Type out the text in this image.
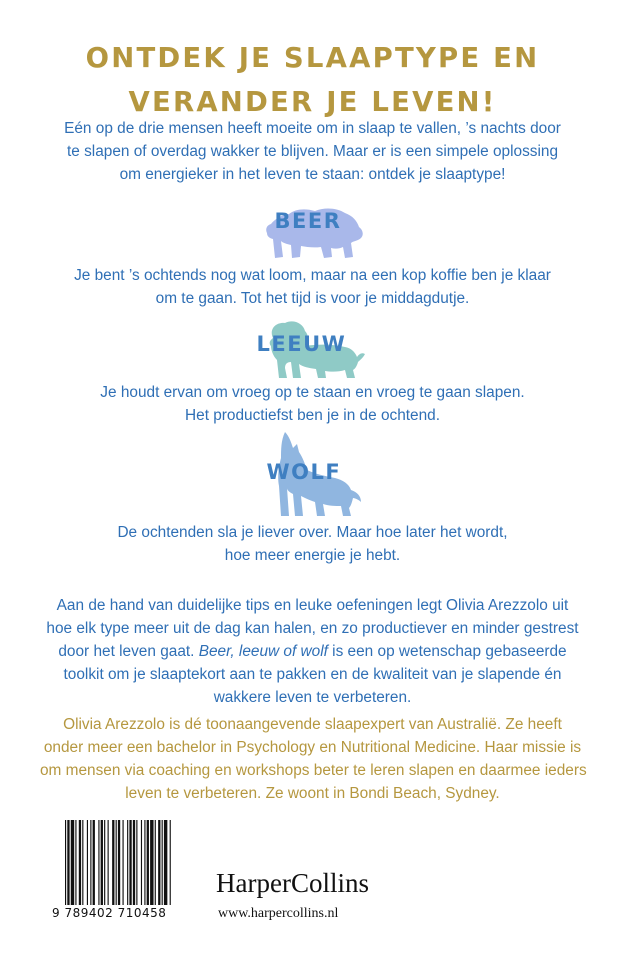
ONTDEK JE SLAAPTYPE EN
VERANDER JE LEVEN!

Eén op de drie mensen heeft moeite om in slaap te vallen, ’s nachts door
te slapen of overdag wakker te blijven. Maar er is een simpele oplossing
om energieker in het leven te staan: ontdek je slaaptype!

BEER

Je bent ’s ochtends nog wat loom, maar na een kop koffie ben je klaar
om te gaan. Tot het tijd is voor je middagdutje.

LEEUW

Je houdt ervan om vroeg op te staan en vroeg te gaan slapen.
Het productiefst ben je in de ochtend.

WOLF

De ochtenden sla je liever over. Maar hoe later het wordt,
hoe meer energie je hebt.

Aan de hand van duidelijke tips en leuke oefeningen legt Olivia Arezzolo uit
hoe elk type meer uit de dag kan halen, en zo productiever en minder gestrest
door het leven gaat. Beer, leeuw of wolf is een op wetenschap gebaseerde
toolkit om je slaaptekort aan te pakken en de kwaliteit van je slapende én
wakkere leven te verbeteren.

Olivia Arezzolo is dé toonaangevende slaapexpert van Australië. Ze heeft
onder meer een bachelor in Psychology en Nutritional Medicine. Haar missie is
om mensen via coaching en workshops beter te leren slapen en daarmee ieders
leven te verbeteren. Ze woont in Bondi Beach, Sydney.

9 789402 710458
HarperCollins
www.harpercollins.nl
